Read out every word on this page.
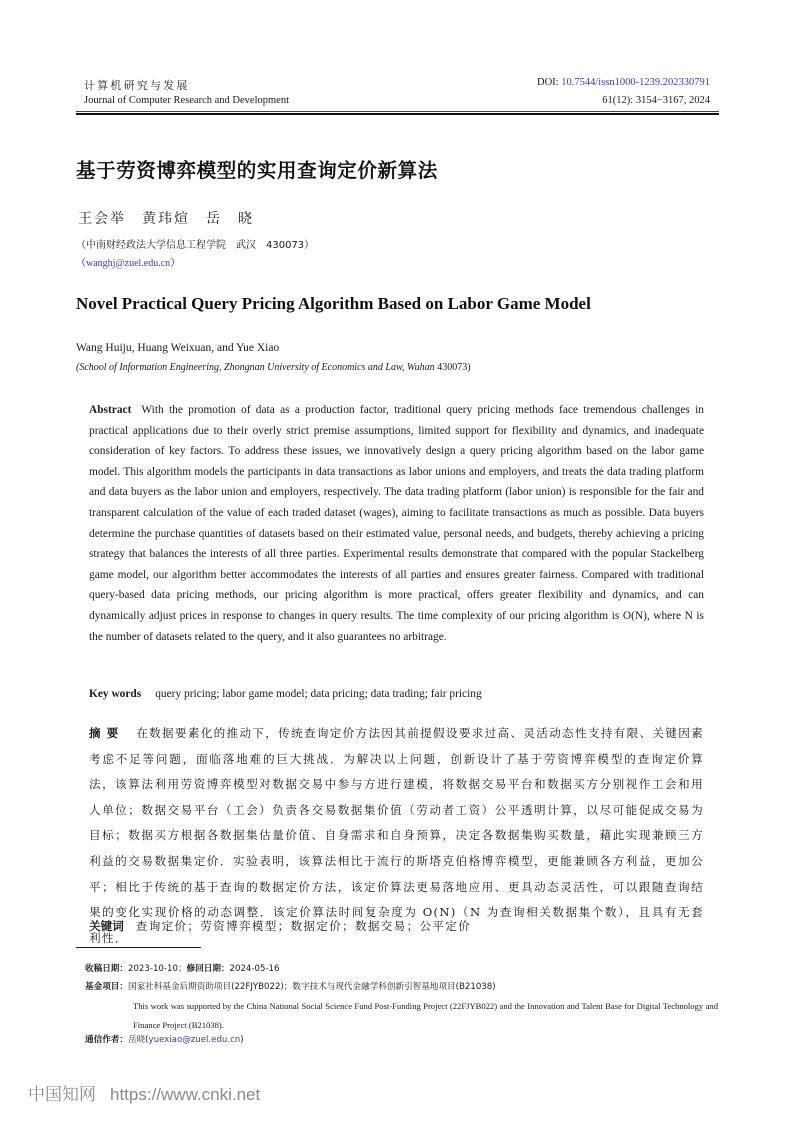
计算机研究与发展
Journal of Computer Research and Development
DOI: 10.7544/issn1000-1239.202330791
61(12): 3154−3167, 2024
基于劳资博弈模型的实用查询定价新算法
王会举 黄玮煊 岳　晓
（中南财经政法大学信息工程学院　武汉　430073）
（wanghj@zuel.edu.cn）
Novel Practical Query Pricing Algorithm Based on Labor Game Model
Wang Huiju, Huang Weixuan, and Yue Xiao
(School of Information Engineering, Zhongnan University of Economics and Law, Wuhan 430073)
Abstract With the promotion of data as a production factor, traditional query pricing methods face tremendous challenges in practical applications due to their overly strict premise assumptions, limited support for flexibility and dynamics, and inadequate consideration of key factors. To address these issues, we innovatively design a query pricing algorithm based on the labor game model. This algorithm models the participants in data transactions as labor unions and employers, and treats the data trading platform and data buyers as the labor union and employers, respectively. The data trading platform (labor union) is responsible for the fair and transparent calculation of the value of each traded dataset (wages), aiming to facilitate transactions as much as possible. Data buyers determine the purchase quantities of datasets based on their estimated value, personal needs, and budgets, thereby achieving a pricing strategy that balances the interests of all three parties. Experimental results demonstrate that compared with the popular Stackelberg game model, our algorithm better accommodates the interests of all parties and ensures greater fairness. Compared with traditional query-based data pricing methods, our pricing algorithm is more practical, offers greater flexibility and dynamics, and can dynamically adjust prices in response to changes in query results. The time complexity of our pricing algorithm is O(N), where N is the number of datasets related to the query, and it also guarantees no arbitrage.
Key words query pricing; labor game model; data pricing; data trading; fair pricing
摘要 在数据要素化的推动下，传统查询定价方法因其前提假设要求过高、灵活动态性支持有限、关键因素考虑不足等问题，面临落地难的巨大挑战．为解决以上问题，创新设计了基于劳资博弈模型的查询定价算法，该算法利用劳资博弈模型对数据交易中参与方进行建模，将数据交易平台和数据买方分别视作工会和用人单位；数据交易平台（工会）负责各交易数据集价值（劳动者工资）公平透明计算，以尽可能促成交易为目标；数据买方根据各数据集估量价值、自身需求和自身预算，决定各数据集购买数量，藉此实现兼顾三方利益的交易数据集定价．实验表明，该算法相比于流行的斯塔克伯格博弈模型，更能兼顾各方利益，更加公平；相比于传统的基于查询的数据定价方法，该定价算法更易落地应用、更具动态灵活性，可以跟随查询结果的变化实现价格的动态调整．该定价算法时间复杂度为 O(N)（N 为查询相关数据集个数），且具有无套利性．
关键词 查询定价；劳资博弈模型；数据定价；数据交易；公平定价
收稿日期：2023-10-10；修回日期：2024-05-16
基金项目：国家社科基金后期资助项目(22FJYB022)；数字技术与现代金融学科创新引智基地项目(B21038)
This work was supported by the China National Social Science Fund Post-Funding Project (22FJYB022) and the Innovation and Talent Base for Digital Technology and Finance Project (B21038).
通信作者：岳晓(yuexiao@zuel.edu.cn)
中国知网 https://www.cnki.net
